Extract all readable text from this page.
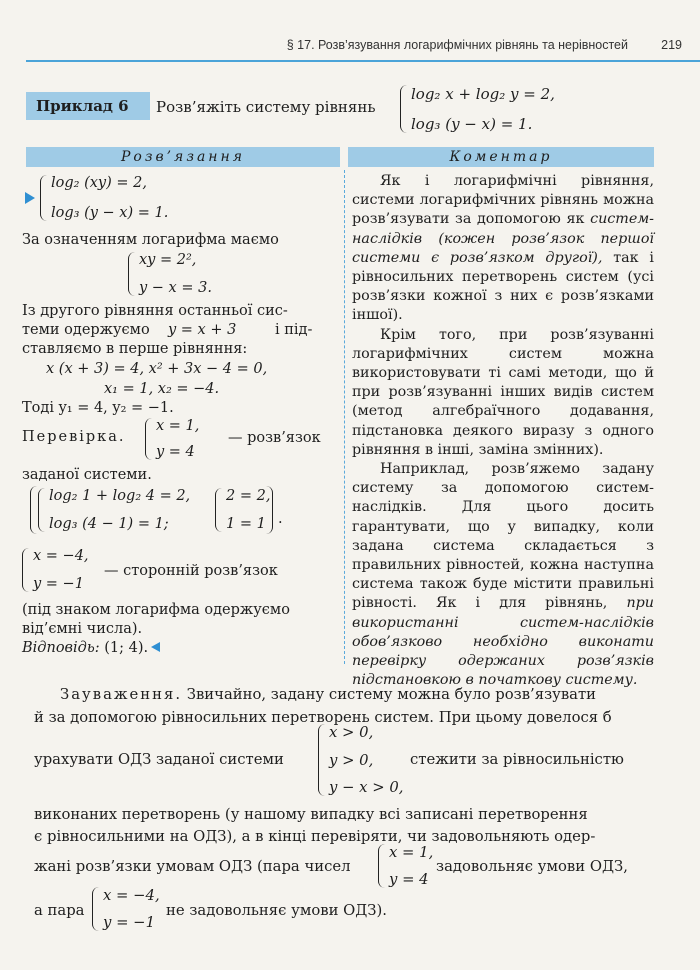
§ 17. Розв’язування логарифмічних рівнянь та нерівностей	219
Приклад 6 Розв’яжіть систему рівнянь
log₂ x + log₂ y = 2,
log₃ (y − x) = 1.
Розв’язання	Коментар
log₂ (xy) = 2,
log₃ (y − x) = 1.
За означенням логарифма маємо
xy = 2²,
y − x = 3.
Із другого рівняння останньої сис-
теми одержуємо y = x + 3	і під-
ставляємо в перше рівняння:
x (x + 3) = 4, x² + 3x − 4 = 0,
x₁ = 1, x₂ = −4.
Тоді y₁ = 4, y₂ = −1.
Перевірка.
x = 1,
y = 4
— розв’язок
заданої системи.
log₂ 1 + log₂ 4 = 2,
log₃ (4 − 1) = 1;
2 = 2,
1 = 1 .
x = −4,
y = −1
— сторонній розв’язок
(під знаком логарифма одержуємо
від’ємні числа).
Відповідь: (1; 4).

Як і логарифмічні рівняння, системи логарифмічних рівнянь можна розв’язувати за допомогою як систем-наслідків (кожен розв’язок першої системи є розв’язком другої), так і рівносильних перетворень систем (усі розв’язки кожної з них є розв’язками іншої).

Крім того, при розв’язуванні логарифмічних систем можна використовувати ті самі методи, що й при розв’язуванні інших видів систем (метод алгебраїчного додавання, підстановка деякого виразу з одного рівняння в інші, заміна змінних).

Наприклад, розв’яжемо задану систему за допомогою систем-наслідків. Для цього досить гарантувати, що у випадку, коли задана система складається з правильних рівностей, кожна наступна система також буде містити правильні рівності. Як і для рівнянь, при використанні систем-наслідків обов’язково необхідно виконати перевірку одержаних розв’язків підстановкою в початкову систему.

Зауваження. Звичайно, задану систему можна було розв’язувати
й за допомогою рівносильних перетворень систем. При цьому довелося б
урахувати ОДЗ заданої системи
x > 0,
y > 0,
y − x > 0,
стежити за рівносильністю
виконаних перетворень (у нашому випадку всі записані перетворення
є рівносильними на ОДЗ), а в кінці перевіряти, чи задовольняють одер-
жані розв’язки умовам ОДЗ (пара чисел
x = 1,
y = 4
задовольняє умови ОДЗ,
а пара
x = −4,
y = −1
не задовольняє умови ОДЗ).
